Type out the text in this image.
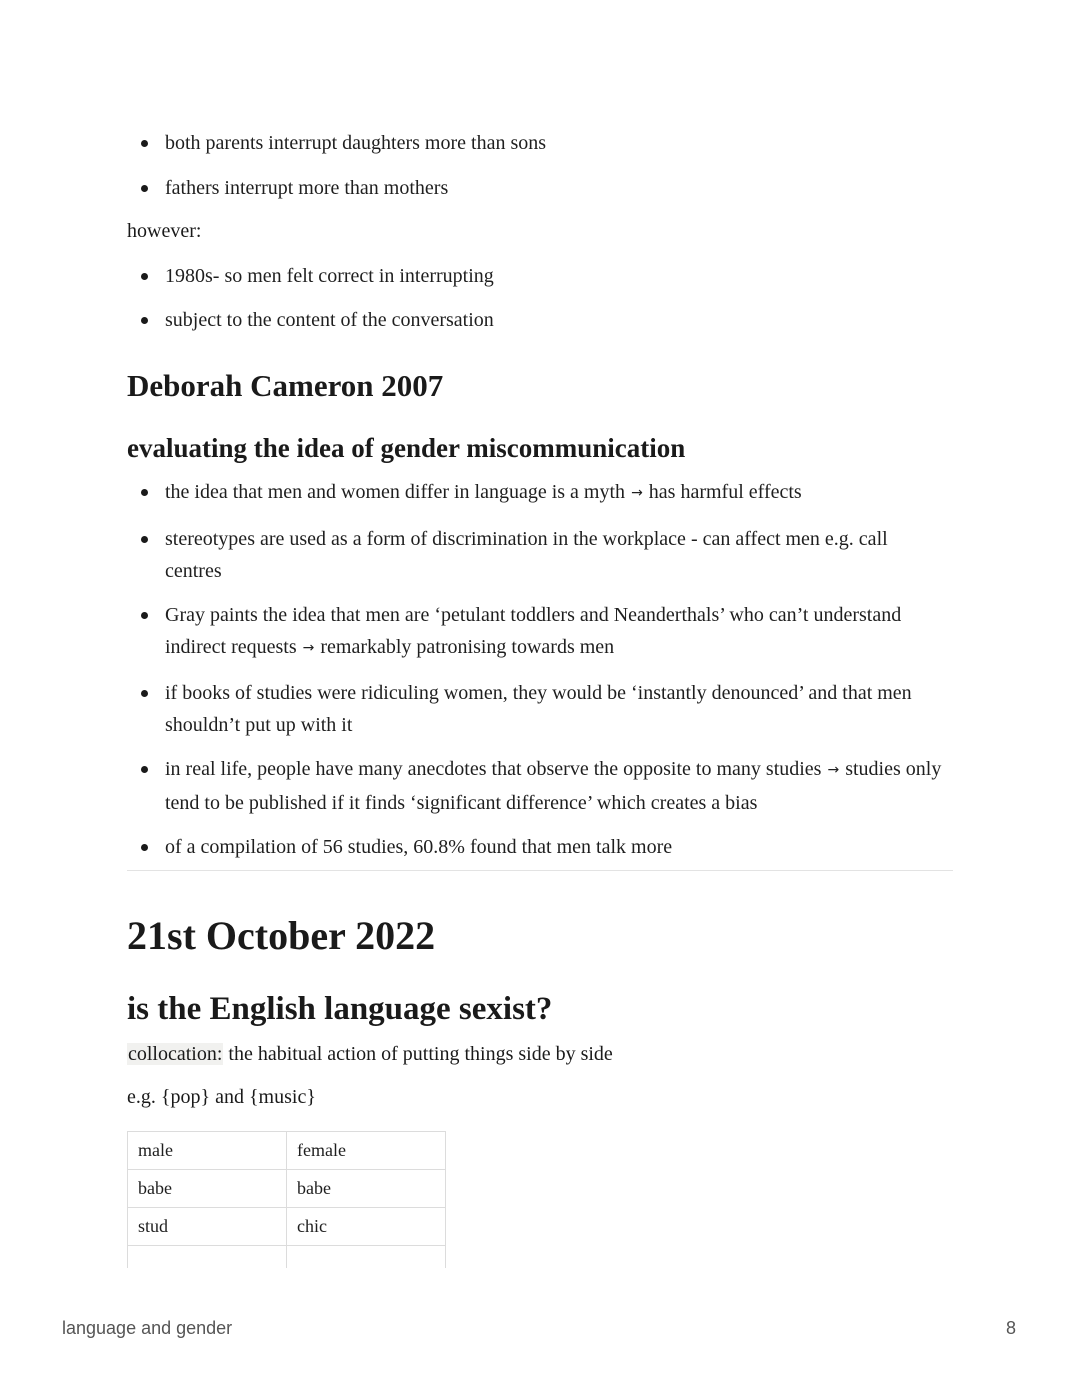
both parents interrupt daughters more than sons
fathers interrupt more than mothers

however:

1980s- so men felt correct in interrupting
subject to the content of the conversation
Deborah Cameron 2007
evaluating the idea of gender miscommunication
the idea that men and women differ in language is a myth → has harmful effects
stereotypes are used as a form of discrimination in the workplace - can affect men e.g. call centres
Gray paints the idea that men are ‘petulant toddlers and Neanderthals’ who can’t understand indirect requests → remarkably patronising towards men
if books of studies were ridiculing women, they would be ‘instantly denounced’ and that men shouldn’t put up with it
in real life, people have many anecdotes that observe the opposite to many studies → studies only tend to be published if it finds ‘significant difference’ which creates a bias
of a compilation of 56 studies, 60.8% found that men talk more
21st October 2022
is the English language sexist?

collocation: the habitual action of putting things side by side

e.g. {pop} and {music}

male	female
babe	babe
stud	chic

language and gender	8
